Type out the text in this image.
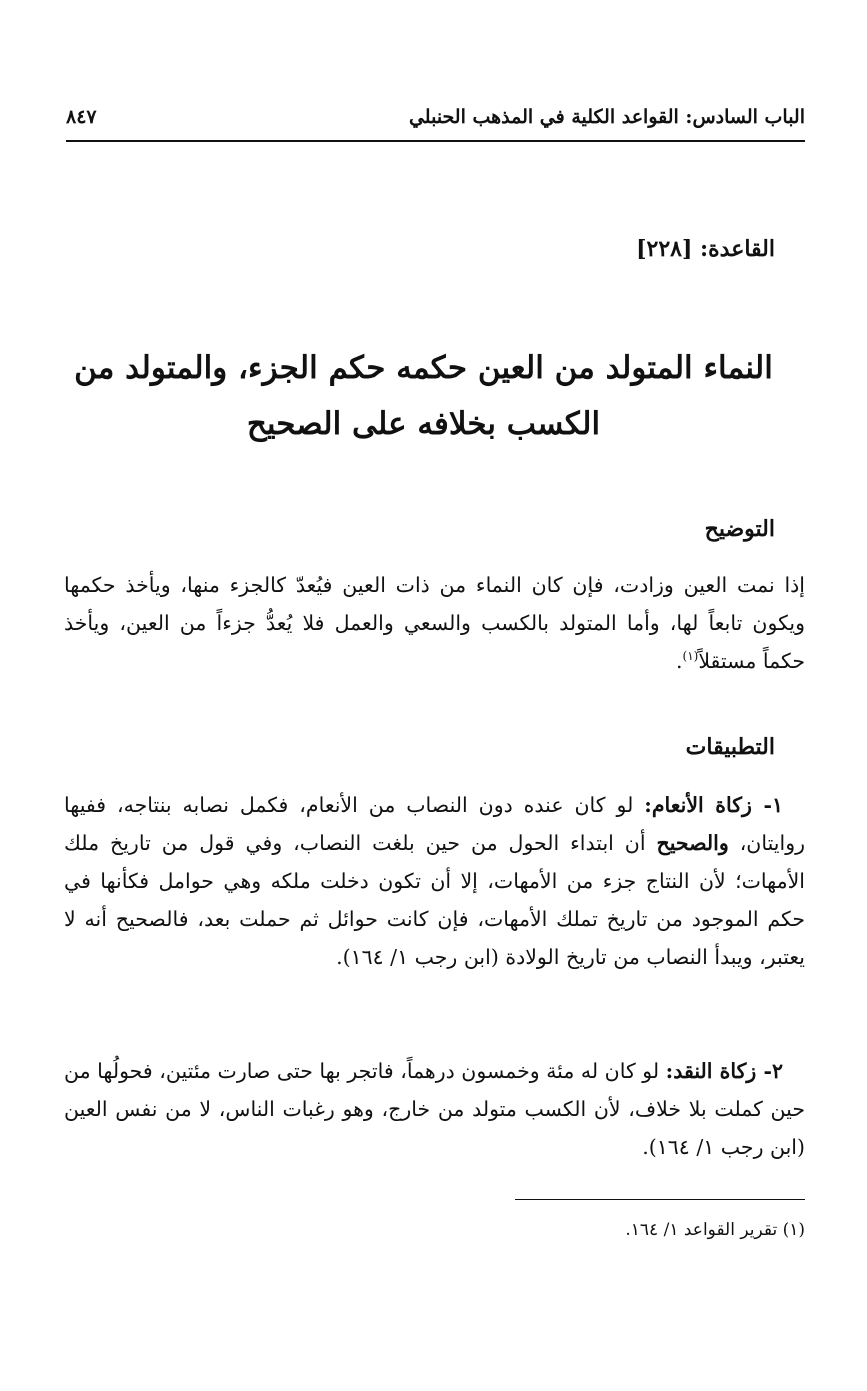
الباب السادس: القواعد الكلية في المذهب الحنبلي
٨٤٧
القاعدة: [٢٢٨]
النماء المتولد من العين حكمه حكم الجزء، والمتولد من الكسب بخلافه على الصحيح
التوضيح

إذا نمت العين وزادت، فإن كان النماء من ذات العين فيُعدّ كالجزء منها، ويأخذ حكمها ويكون تابعاً لها، وأما المتولد بالكسب والسعي والعمل فلا يُعدُّ جزءاً من العين، ويأخذ حكماً مستقلاً$^{(١)}$.

التطبيقات

١- زكاة الأنعام: لو كان عنده دون النصاب من الأنعام، فكمل نصابه بنتاجه، ففيها روايتان، والصحيح أن ابتداء الحول من حين بلغت النصاب، وفي قول من تاريخ ملك الأمهات؛ لأن النتاج جزء من الأمهات، إلا أن تكون دخلت ملكه وهي حوامل فكأنها في حكم الموجود من تاريخ تملك الأمهات، فإن كانت حوائل ثم حملت بعد، فالصحيح أنه لا يعتبر، ويبدأ النصاب من تاريخ الولادة (ابن رجب ١/ ١٦٤).

٢- زكاة النقد: لو كان له مئة وخمسون درهماً، فاتجر بها حتى صارت مئتين، فحولُها من حين كملت بلا خلاف، لأن الكسب متولد من خارج، وهو رغبات الناس، لا من نفس العين (ابن رجب ١/ ١٦٤).

(١) تقرير القواعد ١/ ١٦٤.
